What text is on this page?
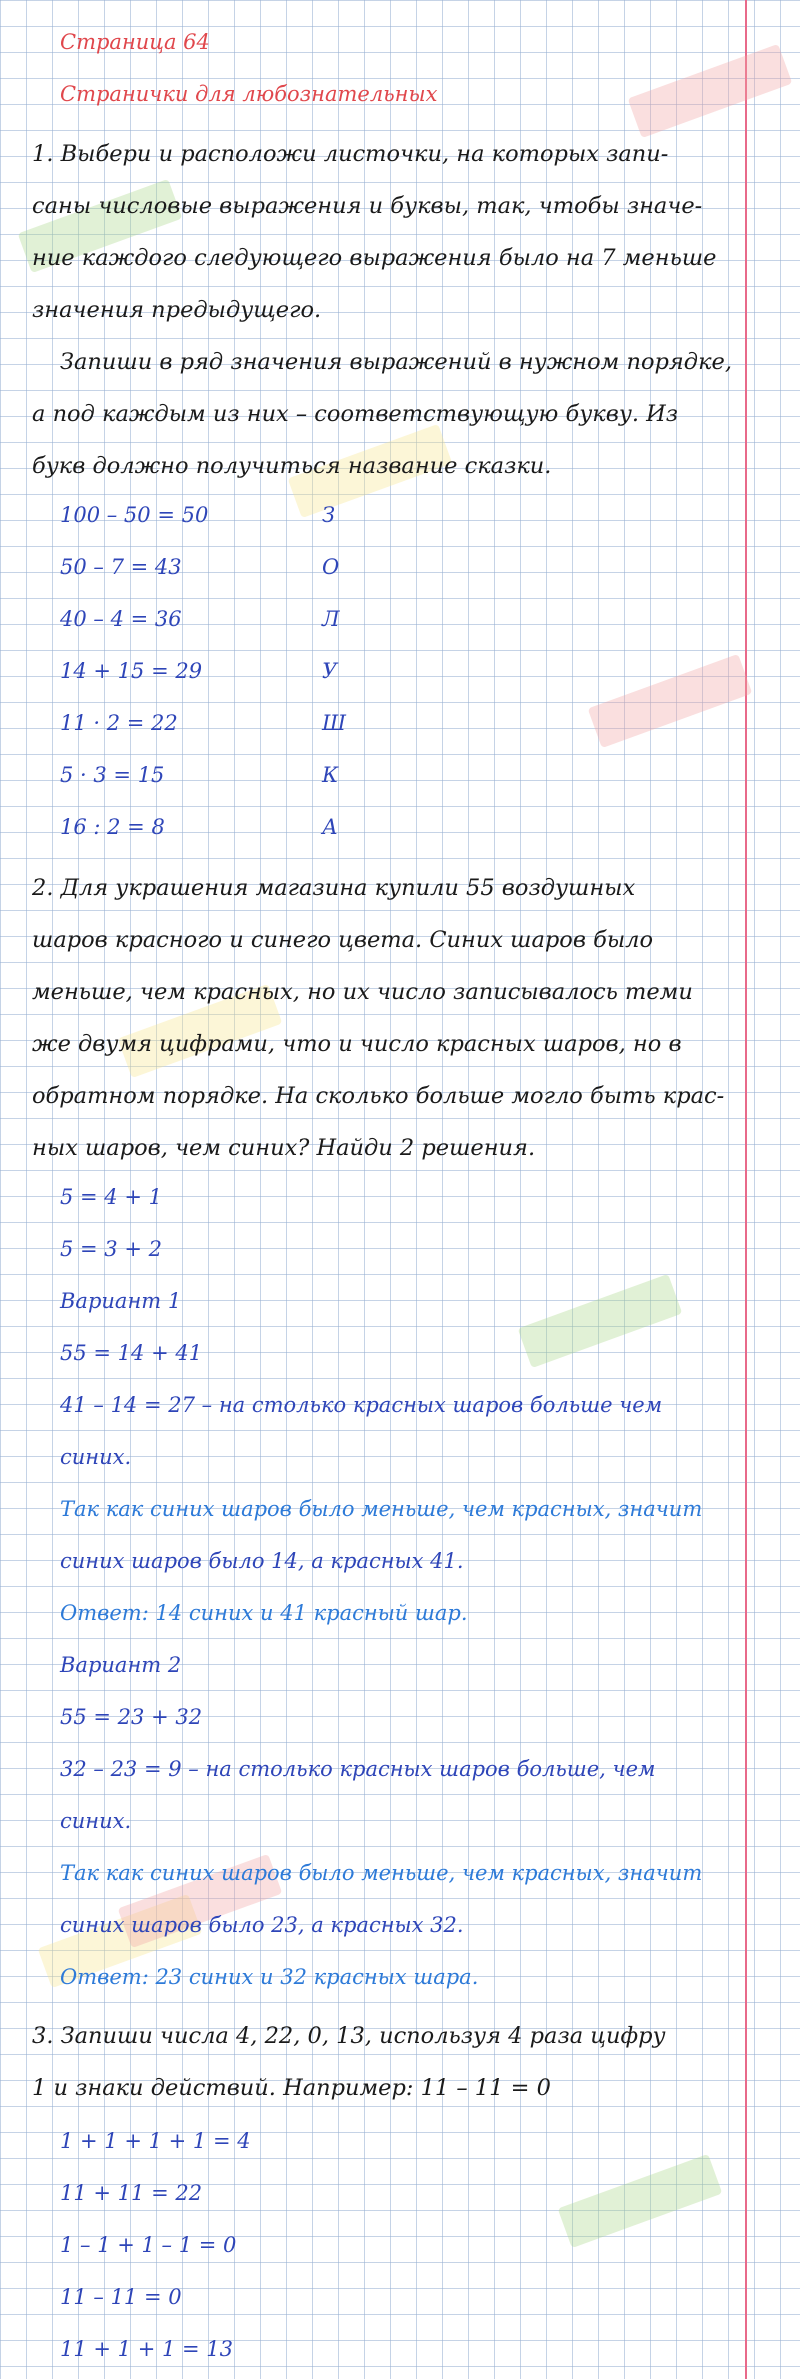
Страница 64
Странички для любознательных
1. Выбери и расположи листочки, на которых запи-
саны числовые выражения и буквы, так, чтобы значе-
ние каждого следующего выражения было на 7 меньше
значения предыдущего.
Запиши в ряд значения выражений в нужном порядке,
а под каждым из них – соответствующую букву. Из
букв должно получиться название сказки.
100 – 50 = 50	З
50 – 7 = 43	О
40 – 4 = 36	Л
14 + 15 = 29	У
11 · 2 = 22	Ш
5 · 3 = 15	К
16 : 2 = 8	А
2. Для украшения магазина купили 55 воздушных
шаров красного и синего цвета. Синих шаров было
меньше, чем красных, но их число записывалось теми
же двумя цифрами, что и число красных шаров, но в
обратном порядке. На сколько больше могло быть крас-
ных шаров, чем синих? Найди 2 решения.
5 = 4 + 1
5 = 3 + 2
Вариант 1
55 = 14 + 41
41 – 14 = 27 – на столько красных шаров больше чем
синих.
Так как синих шаров было меньше, чем красных, значит
синих шаров было 14, а красных 41.
Ответ: 14 синих и 41 красный шар.
Вариант 2
55 = 23 + 32
32 – 23 = 9 – на столько красных шаров больше, чем
синих.
Так как синих шаров было меньше, чем красных, значит
синих шаров было 23, а красных 32.
Ответ: 23 синих и 32 красных шара.
3. Запиши числа 4, 22, 0, 13, используя 4 раза цифру
1 и знаки действий. Например: 11 – 11 = 0
1 + 1 + 1 + 1 = 4
11 + 11 = 22
1 – 1 + 1 – 1 = 0
11 – 11 = 0
11 + 1 + 1 = 13
